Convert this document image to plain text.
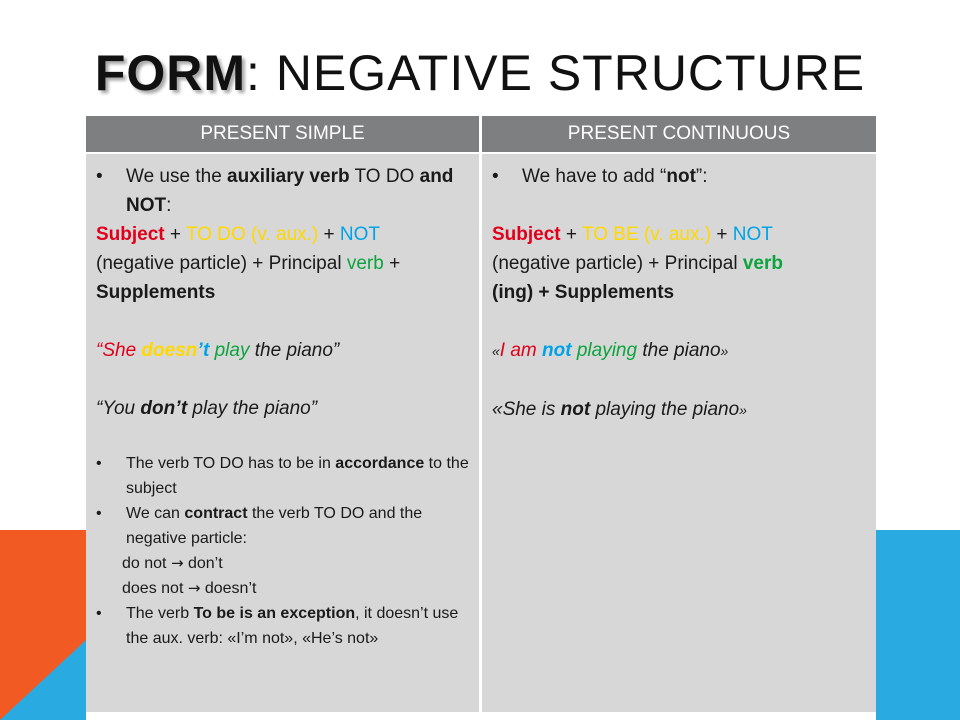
FORM: NEGATIVE STRUCTURE
PRESENT SIMPLE	PRESENT CONTINUOUS
• We use the auxiliary verb TO DO and NOT:
Subject + TO DO (v. aux.) + NOT
(negative particle) + Principal verb +
Supplements
“She doesn’t play the piano”
“You don’t play the piano”
• The verb TO DO has to be in accordance to the subject
• We can contract the verb TO DO and the negative particle:
do not → don’t
does not → doesn’t
• The verb To be is an exception, it doesn’t use the aux. verb: «I’m not», «He’s not»
• We have to add “not”:
Subject + TO BE (v. aux.) + NOT
(negative particle) + Principal verb
(ing) + Supplements
«I am not playing the piano»
«She is not playing the piano»
